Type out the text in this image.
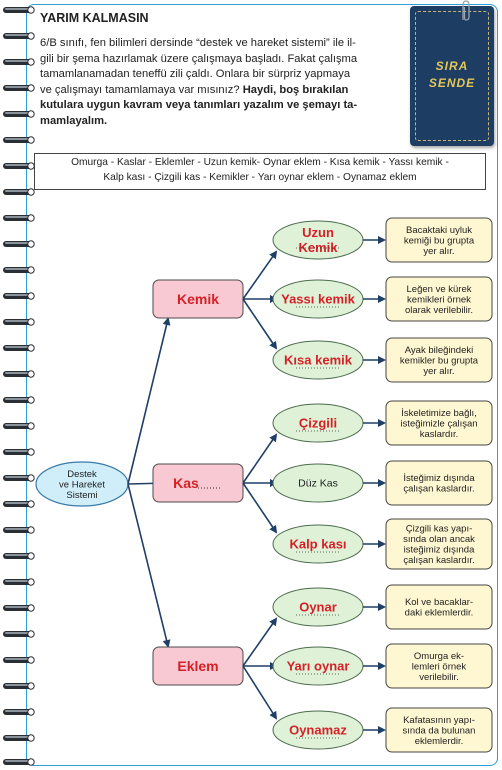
YARIM KALMASIN
6/B sınıfı, fen bilimleri dersinde “destek ve hareket sistemi” ile il-
gili bir şema hazırlamak üzere çalışmaya başladı. Fakat çalışma
tamamlanamadan teneffü zili çaldı. Onlara bir sürpriz yapmaya
ve çalışmayı tamamlamaya var mısınız? Haydi, boş bırakılan
kutulara uygun kavram veya tanımları yazalım ve şemayı ta-
mamlayalım.
SIRA
SENDE
Omurga - Kaslar - Eklemler - Uzun kemik- Oynar eklem - Kısa kemik - Yassı kemik -
Kalp kası - Çizgili kas - Kemikler - Yarı oynar eklem - Oynamaz eklem
Destek ve Hareket Sistemi
Kemik
Uzun Kemik
Bacaktaki uyluk kemiği bu grupta yer alır.
Yassı kemik
Leğen ve kürek kemikleri örnek olarak verilebilir.
Kısa kemik
Ayak bileğindeki kemikler bu grupta yer alır.
Kas
Çizgili
İskeletimize bağlı, isteğimizle çalışan kaslardır.
Düz Kas	İsteğimiz dışında çalışan kaslardır.
Kalp kası
Çizgili kas yapı-sında olan ancak isteğimiz dışında çalışan kaslardır.
Eklem
Oynar	Kol ve bacaklar-daki eklemlerdir.
Yarı oynar
Omurga ek-lemleri örnek verilebilir.
Oynamaz
Kafatasının yapı-sında da bulunan eklemlerdir.
